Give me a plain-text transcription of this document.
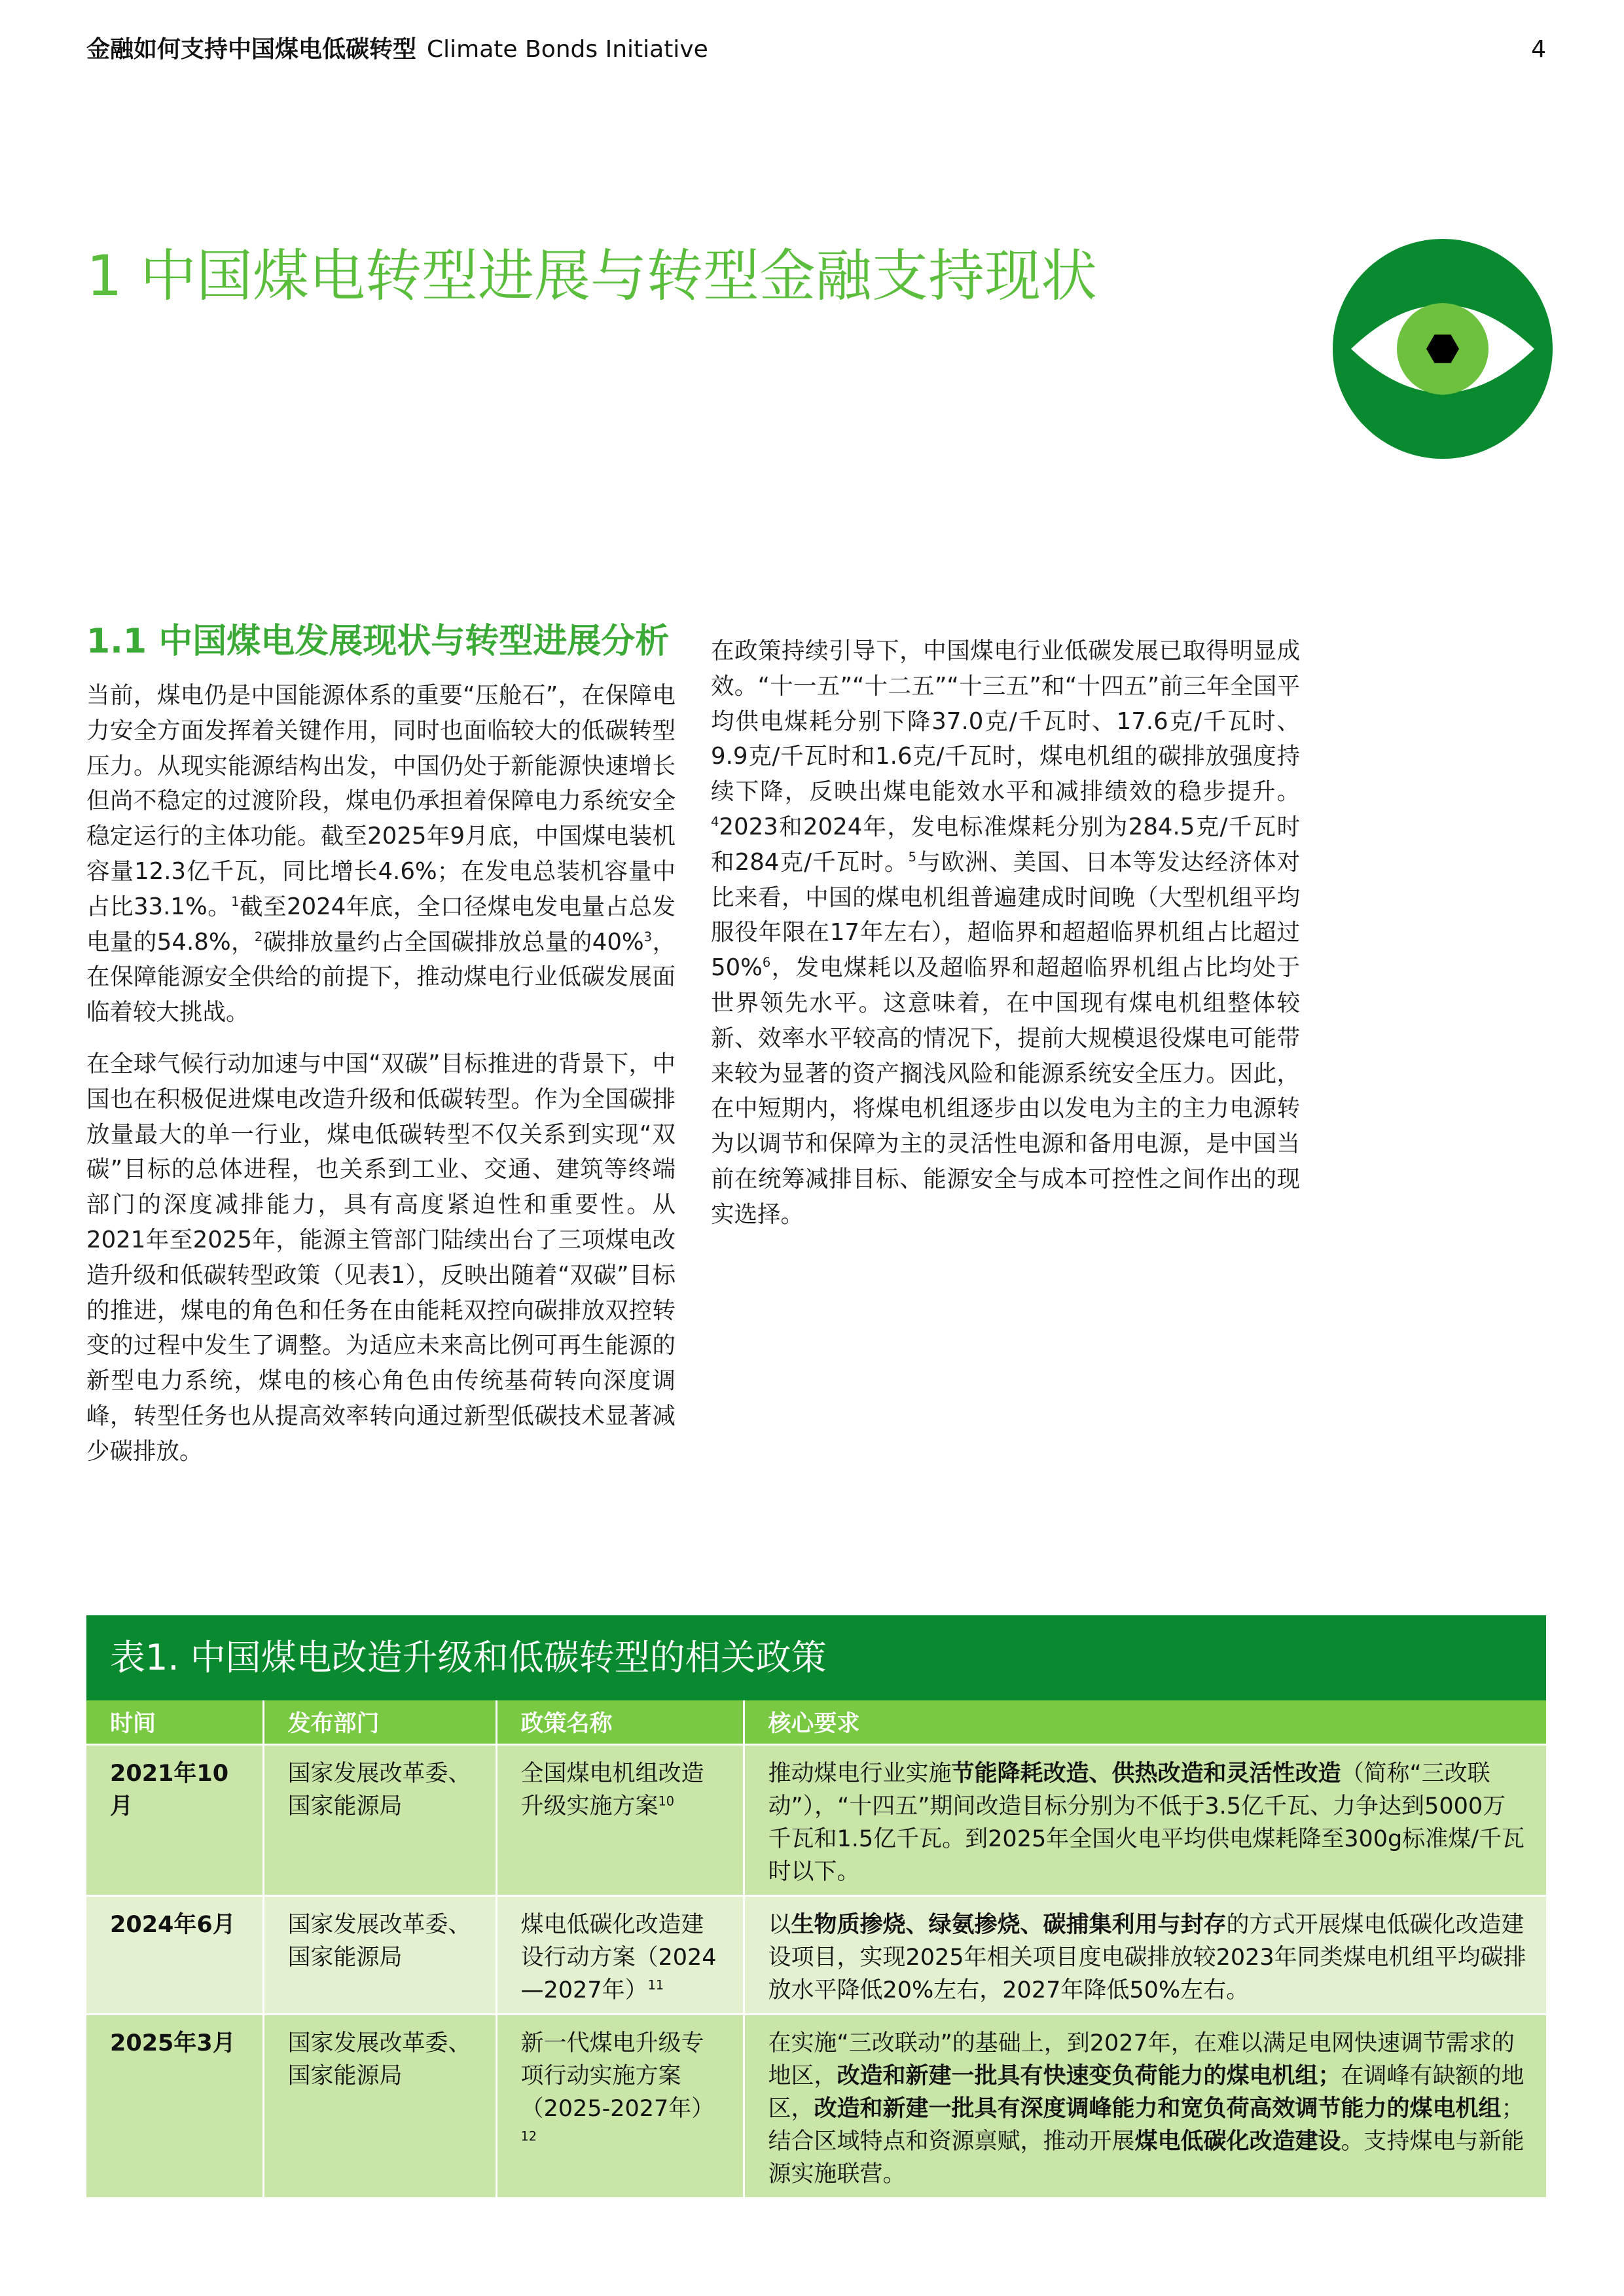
金融如何支持中国煤电低碳转型 Climate Bonds Initiative	4
1 中国煤电转型进展与转型金融支持现状
1.1 中国煤电发展现状与转型进展分析

当前，煤电仍是中国能源体系的重要“压舱石”，在保障电力安全方面发挥着关键作用，同时也面临较大的低碳转型压力。从现实能源结构出发，中国仍处于新能源快速增长但尚不稳定的过渡阶段，煤电仍承担着保障电力系统安全稳定运行的主体功能。截至2025年9月底，中国煤电装机容量12.3亿千瓦，同比增长4.6%；在发电总装机容量中占比33.1%。$^1$截至2024年底，全口径煤电发电量占总发电量的54.8%，$^2$碳排放量约占全国碳排放总量的40%$^3$，在保障能源安全供给的前提下，推动煤电行业低碳发展面临着较大挑战。

在全球气候行动加速与中国“双碳”目标推进的背景下，中国也在积极促进煤电改造升级和低碳转型。作为全国碳排放量最大的单一行业，煤电低碳转型不仅关系到实现“双碳”目标的总体进程，也关系到工业、交通、建筑等终端部门的深度减排能力，具有高度紧迫性和重要性。从2021年至2025年，能源主管部门陆续出台了三项煤电改造升级和低碳转型政策（见表1），反映出随着“双碳”目标的推进，煤电的角色和任务在由能耗双控向碳排放双控转变的过程中发生了调整。为适应未来高比例可再生能源的新型电力系统，煤电的核心角色由传统基荷转向深度调峰，转型任务也从提高效率转向通过新型低碳技术显著减少碳排放。

在政策持续引导下，中国煤电行业低碳发展已取得明显成效。“十一五”“十二五”“十三五”和“十四五”前三年全国平均供电煤耗分别下降37.0克/千瓦时、17.6克/千瓦时、9.9克/千瓦时和1.6克/千瓦时，煤电机组的碳排放强度持续下降，反映出煤电能效水平和减排绩效的稳步提升。$^4$2023和2024年，发电标准煤耗分别为284.5克/千瓦时和284克/千瓦时。$^5$与欧洲、美国、日本等发达经济体对比来看，中国的煤电机组普遍建成时间晚（大型机组平均服役年限在17年左右），超临界和超超临界机组占比超过50%$^6$，发电煤耗以及超临界和超超临界机组占比均处于世界领先水平。这意味着，在中国现有煤电机组整体较新、效率水平较高的情况下，提前大规模退役煤电可能带来较为显著的资产搁浅风险和能源系统安全压力。因此，在中短期内，将煤电机组逐步由以发电为主的主力电源转为以调节和保障为主的灵活性电源和备用电源，是中国当前在统筹减排目标、能源安全与成本可控性之间作出的现实选择。

表1. 中国煤电改造升级和低碳转型的相关政策
时间	发布部门	政策名称	核心要求
2021年10月	国家发展改革委、国家能源局	全国煤电机组改造升级实施方案$^{10}$	推动煤电行业实施节能降耗改造、供热改造和灵活性改造（简称“三改联动”），“十四五”期间改造目标分别为不低于3.5亿千瓦、力争达到5000万千瓦和1.5亿千瓦。到2025年全国火电平均供电煤耗降至300g标准煤/千瓦时以下。
2024年6月	国家发展改革委、国家能源局	煤电低碳化改造建设行动方案（2024—2027年）$^{11}$	以生物质掺烧、绿氨掺烧、碳捕集利用与封存的方式开展煤电低碳化改造建设项目，实现2025年相关项目度电碳排放较2023年同类煤电机组平均碳排放水平降低20%左右，2027年降低50%左右。
2025年3月	国家发展改革委、国家能源局	新一代煤电升级专项行动实施方案（2025-2027年）$^{12}$	在实施“三改联动”的基础上，到2027年，在难以满足电网快速调节需求的地区，改造和新建一批具有快速变负荷能力的煤电机组；在调峰有缺额的地区，改造和新建一批具有深度调峰能力和宽负荷高效调节能力的煤电机组；结合区域特点和资源禀赋，推动开展煤电低碳化改造建设。支持煤电与新能源实施联营。
